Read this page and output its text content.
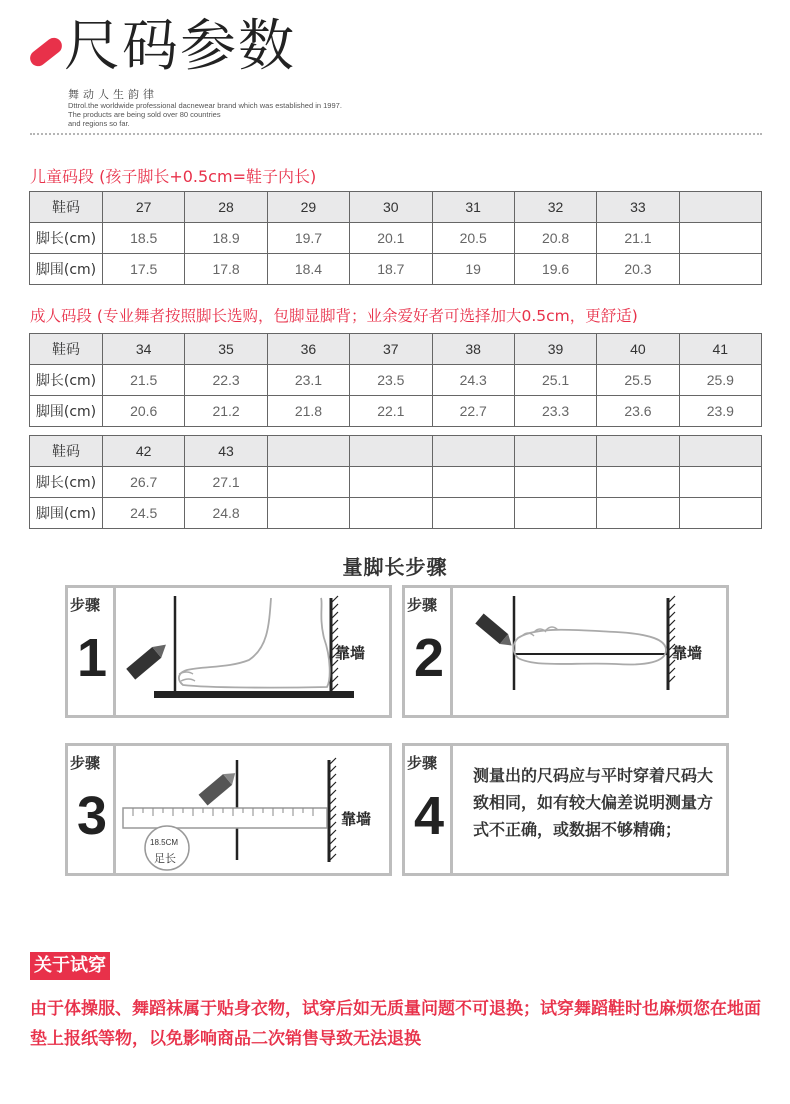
尺码参数
舞动人生韵律
Dttrol.the worldwide professional dacnewear brand which was established in 1997.
The products are being sold over 80 countries
and regions so far.
儿童码段 (孩子脚长+0.5cm=鞋子内长)
鞋码	27	28	29	30	31	32	33	
脚长(cm)	18.5	18.9	19.7	20.1	20.5	20.8	21.1	
脚围(cm)	17.5	17.8	18.4	18.7	19	19.6	20.3	
成人码段 (专业舞者按照脚长选购，包脚显脚背；业余爱好者可选择加大0.5cm，更舒适)
鞋码	34	35	36	37	38	39	40	41
脚长(cm)	21.5	22.3	23.1	23.5	24.3	25.1	25.5	25.9
脚围(cm)	20.6	21.2	21.8	22.1	22.7	23.3	23.6	23.9
鞋码	42	43						
脚长(cm)	26.7	27.1						
脚围(cm)	24.5	24.8						
量脚长步骤
步骤
1	靠墙
步骤
2	靠墙
步骤
3	18.5CM
足长
靠墙
步骤
4
测量出的尺码应与平时穿着尺码大致相同，如有较大偏差说明测量方式不正确，或数据不够精确；
关于试穿
由于体操服、舞蹈袜属于贴身衣物，试穿后如无质量问题不可退换；试穿舞蹈鞋时也麻烦您在地面垫上报纸等物，以免影响商品二次销售导致无法退换
